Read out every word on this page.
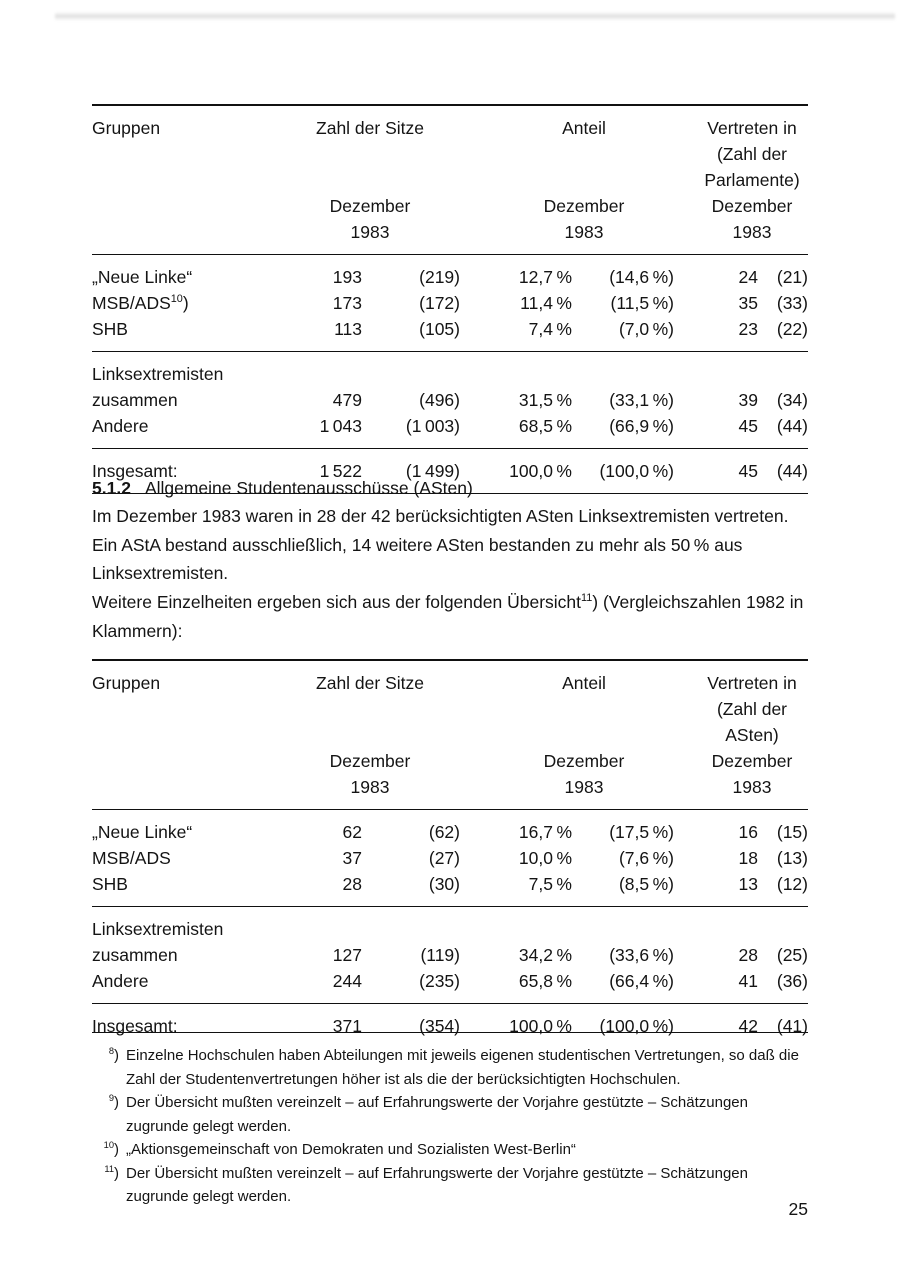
Gruppen	Zahl der Sitze		Anteil		Vertreten in	
					(Zahl der	
					Parlamente)	
	Dezember		Dezember		Dezember	
	1983		1983		1983	
„Neue Linke“	193	(219)	12,7 %	(14,6 %)	24	(21)
MSB/ADS$^{10}$)	173	(172)	11,4 %	(11,5 %)	35	(33)
SHB	113	(105)	7,4 %	(7,0 %)	23	(22)
Linksextremisten						
zusammen	479	(496)	31,5 %	(33,1 %)	39	(34)
Andere	1 043	(1 003)	68,5 %	(66,9 %)	45	(44)
Insgesamt:	1 522	(1 499)	100,0 %	(100,0 %)	45	(44)
5.1.2 Allgemeine Studentenausschüsse (ASten)
Im Dezember 1983 waren in 28 der 42 berücksichtigten ASten Linksextremisten vertreten. Ein AStA bestand ausschließlich, 14 weitere ASten bestanden zu mehr als 50 % aus Linksextremisten.
Weitere Einzelheiten ergeben sich aus der folgenden Übersicht$^{11}$) (Vergleichszahlen 1982 in Klammern):
Gruppen	Zahl der Sitze		Anteil		Vertreten in	
					(Zahl der	
					ASten)	
	Dezember		Dezember		Dezember	
	1983		1983		1983	
„Neue Linke“	62	(62)	16,7 %	(17,5 %)	16	(15)
MSB/ADS	37	(27)	10,0 %	(7,6 %)	18	(13)
SHB	28	(30)	7,5 %	(8,5 %)	13	(12)
Linksextremisten						
zusammen	127	(119)	34,2 %	(33,6 %)	28	(25)
Andere	244	(235)	65,8 %	(66,4 %)	41	(36)
Insgesamt:	371	(354)	100,0 %	(100,0 %)	42	(41)
$^8$) Einzelne Hochschulen haben Abteilungen mit jeweils eigenen studentischen Vertretungen, so daß die Zahl der Studentenvertretungen höher ist als die der berücksichtigten Hochschulen.
$^9$) Der Übersicht mußten vereinzelt – auf Erfahrungswerte der Vorjahre gestützte – Schätzungen zugrunde gelegt werden.
$^{10}$) „Aktionsgemeinschaft von Demokraten und Sozialisten West-Berlin“
$^{11}$) Der Übersicht mußten vereinzelt – auf Erfahrungswerte der Vorjahre gestützte – Schätzungen zugrunde gelegt werden.
25
